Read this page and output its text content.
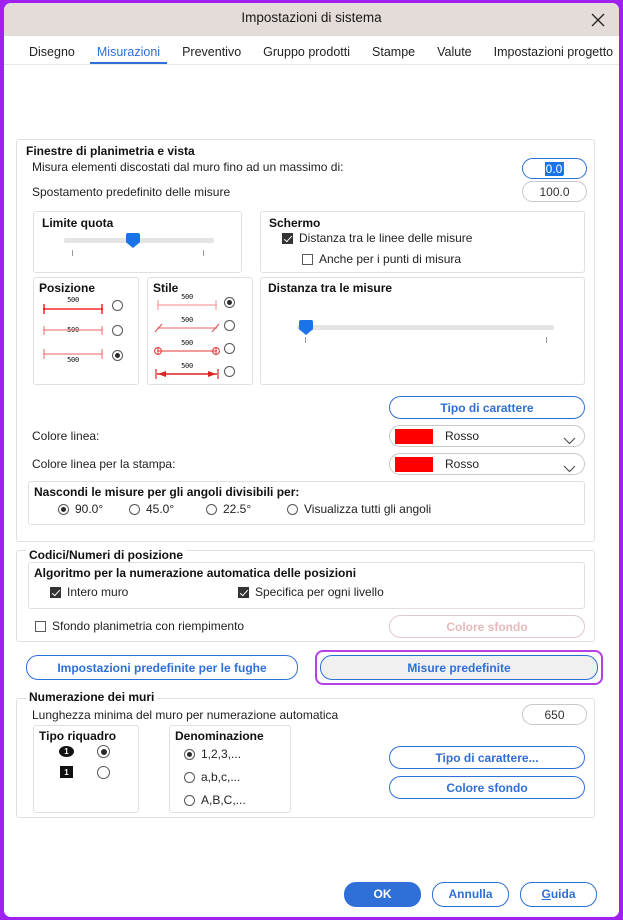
Impostazioni di sistema
Disegno	Misurazioni	Preventivo	Gruppo prodotti	Stampe	Valute	Impostazioni progetto
Finestre di planimetria e vista
Misura elementi discostati dal muro fino ad un massimo di:	0.0
Spostamento predefinito delle misure	100.0
Limite quota	Schermo
Distanza tra le linee delle misure
Anche per i punti di misura
Posizione
500
500
500
Stile
500
500
500
500
Distanza tra le misure
Tipo di carattere
Colore linea:	Rosso
Colore linea per la stampa:	Rosso
Nascondi le misure per gli angoli divisibili per:
90.0°	45.0°	22.5°	Visualizza tutti gli angoli
Codici/Numeri di posizione
Algoritmo per la numerazione automatica delle posizioni
Intero muro	Specifica per ogni livello
Sfondo planimetria con riempimento	Colore sfondo
Impostazioni predefinite per le fughe	Misure predefinite
Numerazione dei muri
Lunghezza minima del muro per numerazione automatica	650
Tipo riquadro
1
1
Denominazione
1,2,3,...
a,b,c,...
A,B,C,...
Tipo di carattere...
Colore sfondo
OK	Annulla	Guida
